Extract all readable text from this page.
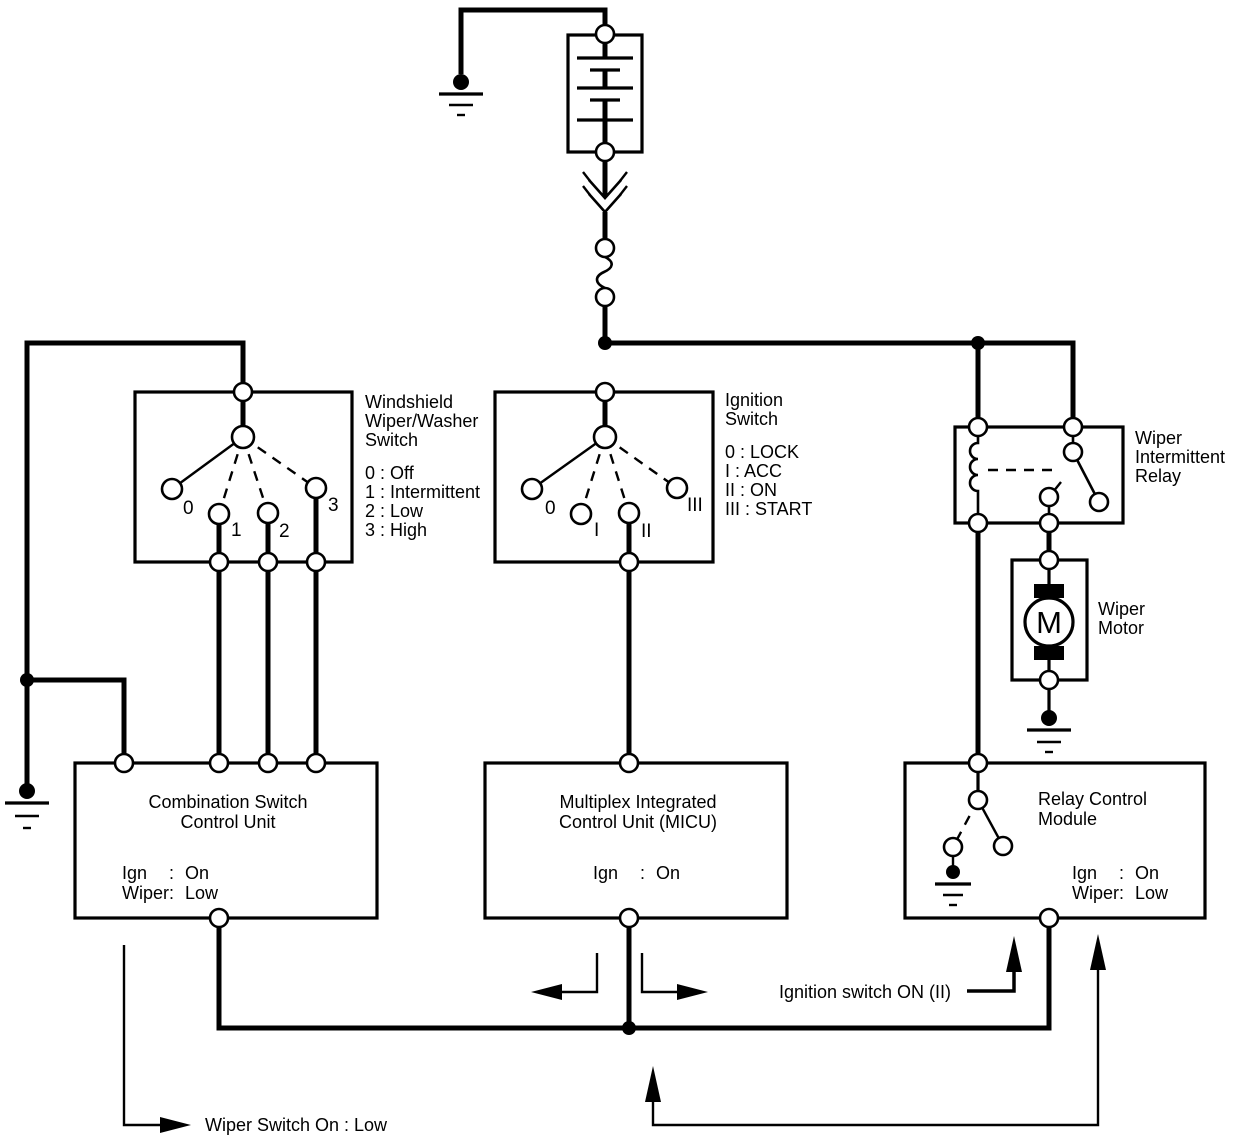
0
1 2
3
Windshield
Wiper/Washer
Switch
0 : Off
1 : Intermittent
2 : Low
3 : High
0
I II
III
Ignition
Switch
0 : LOCK
I : ACC
II : ON
III : START
Wiper
Intermittent
Relay
M Wiper
Motor
Combination Switch
Control Unit
Ign : On
Wiper : Low
Multiplex Integrated
Control Unit (MICU)
Ign : On
Relay Control
Module
Ign : On
Wiper : Low
Ignition switch ON (II)
Wiper Switch On : Low
